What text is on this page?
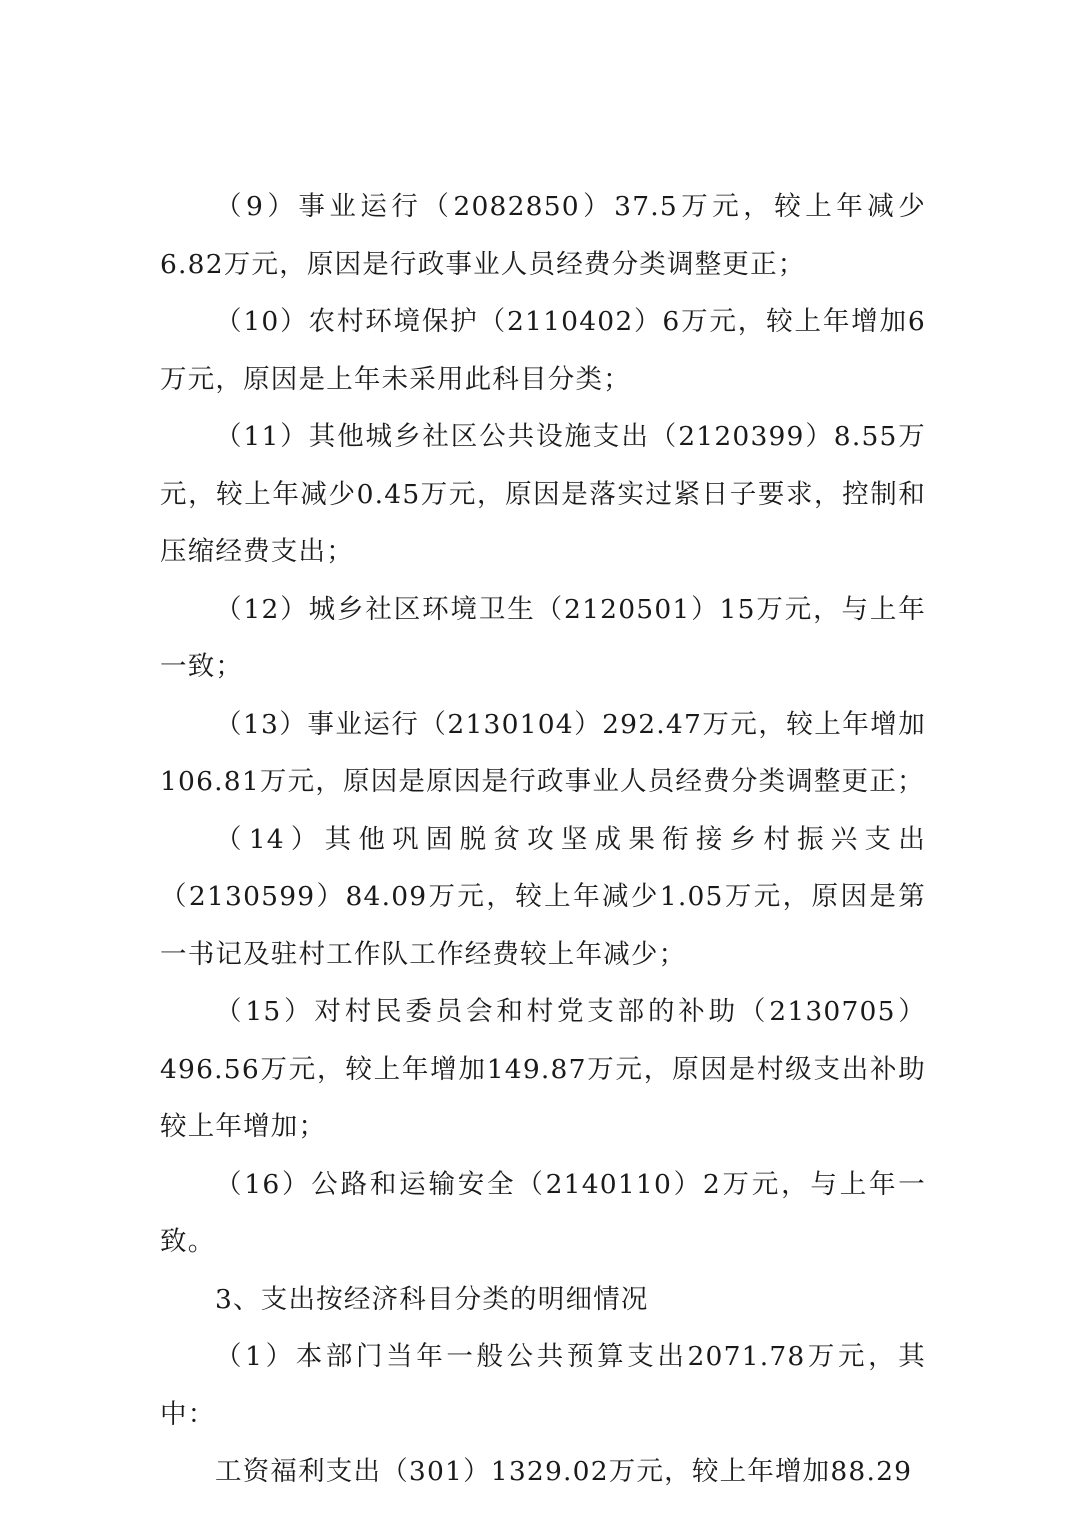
（9）事业运行（2082850）37.5万元，较上年减少6.82万元，原因是行政事业人员经费分类调整更正；

（10）农村环境保护（2110402）6万元，较上年增加6万元，原因是上年未采用此科目分类；

（11）其他城乡社区公共设施支出（2120399）8.55万元，较上年减少0.45万元，原因是落实过紧日子要求，控制和压缩经费支出；

（12）城乡社区环境卫生（2120501）15万元，与上年一致；

（13）事业运行（2130104）292.47万元，较上年增加106.81万元，原因是原因是行政事业人员经费分类调整更正；

（14）其他巩固脱贫攻坚成果衔接乡村振兴支出（2130599）84.09万元，较上年减少1.05万元，原因是第一书记及驻村工作队工作经费较上年减少；

（15）对村民委员会和村党支部的补助（2130705）496.56万元，较上年增加149.87万元，原因是村级支出补助较上年增加；

（16）公路和运输安全（2140110）2万元，与上年一致。

3、支出按经济科目分类的明细情况

（1）本部门当年一般公共预算支出2071.78万元，其中：

工资福利支出（301）1329.02万元，较上年增加88.29
